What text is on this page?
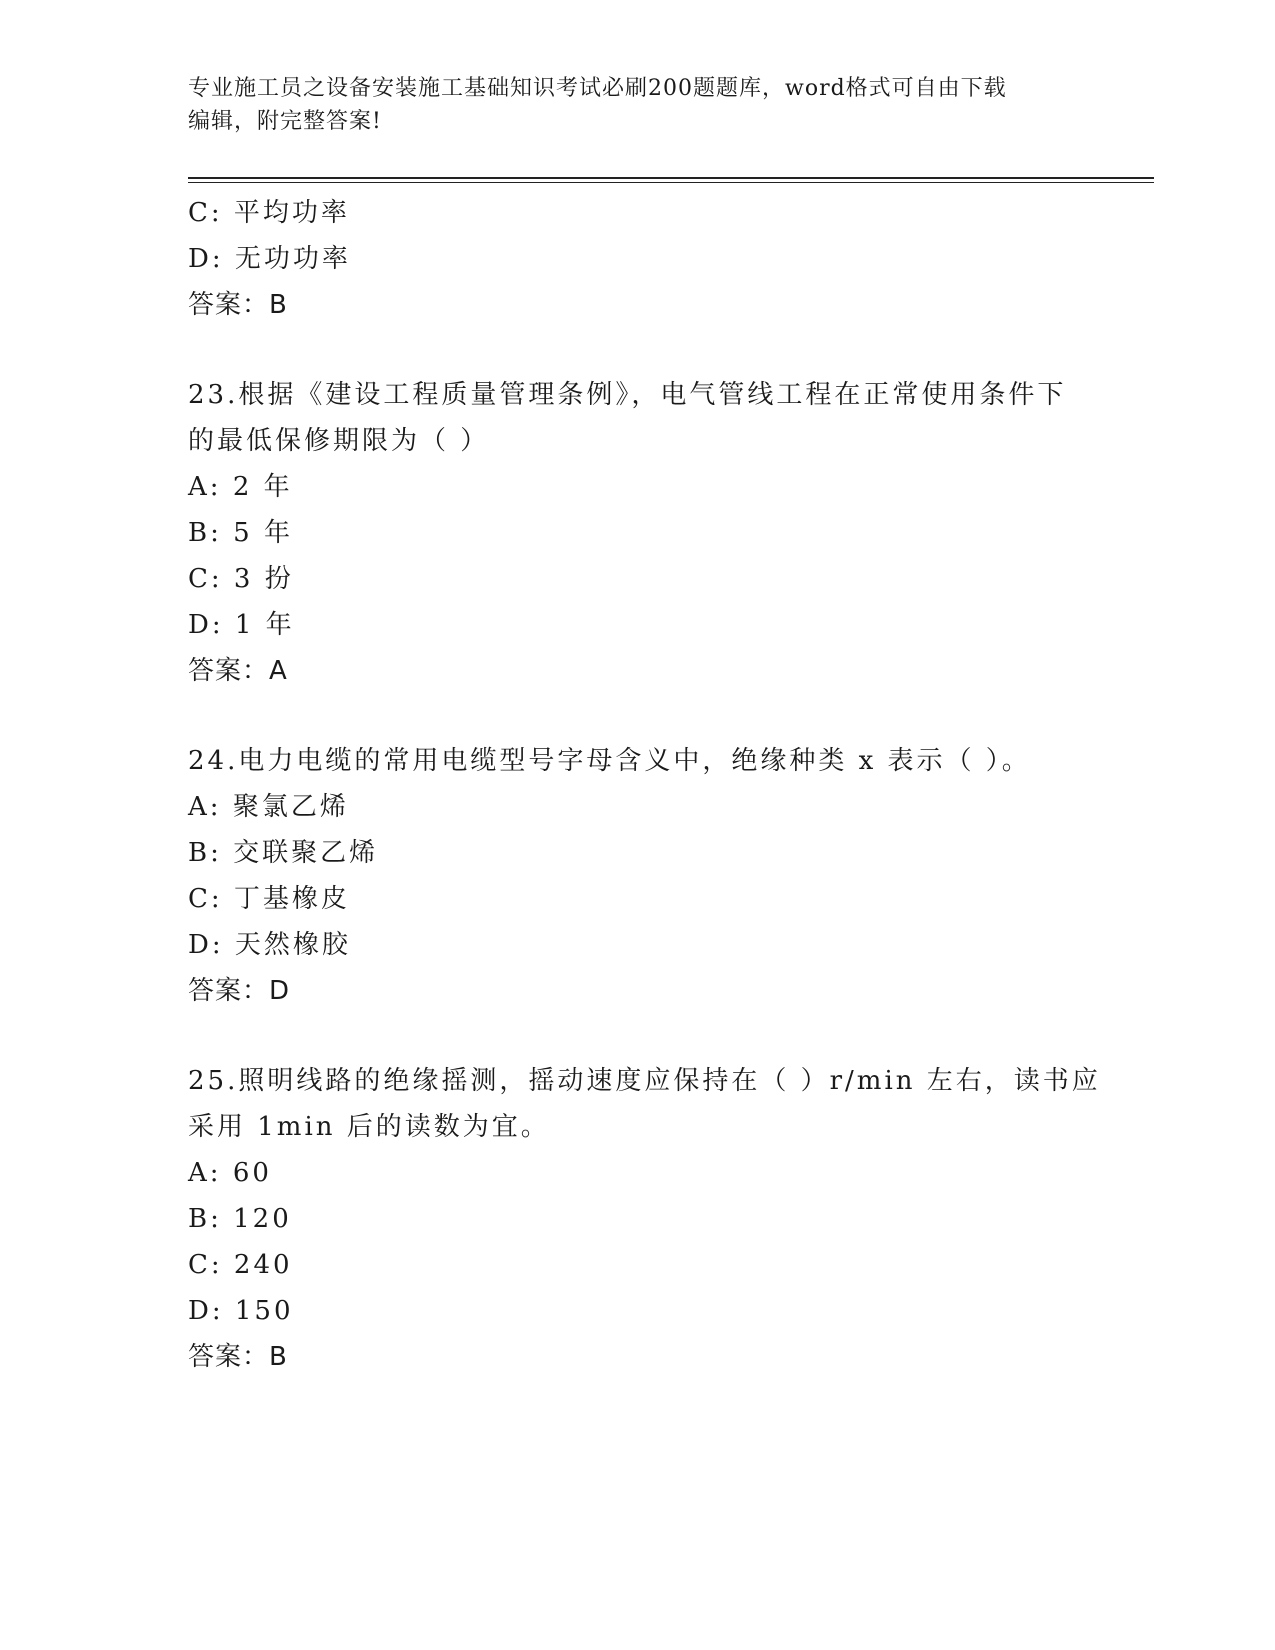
专业施工员之设备安装施工基础知识考试必刷200题题库，word格式可自由下载
编辑，附完整答案!
C: 平均功率
D: 无功功率
答案：B
23.根据《建设工程质量管理条例》，电气管线工程在正常使用条件下
的最低保修期限为（ ）
A: 2 年
B: 5 年
C: 3 扮
D: 1 年
答案：A
24.电力电缆的常用电缆型号字母含义中，绝缘种类 x 表示（ ）。
A: 聚氯乙烯
B: 交联聚乙烯
C: 丁基橡皮
D: 天然橡胶
答案：D
25.照明线路的绝缘摇测，摇动速度应保持在（ ）r/min 左右，读书应
采用 1min 后的读数为宜。
A: 60
B: 120
C: 240
D: 150
答案：B
